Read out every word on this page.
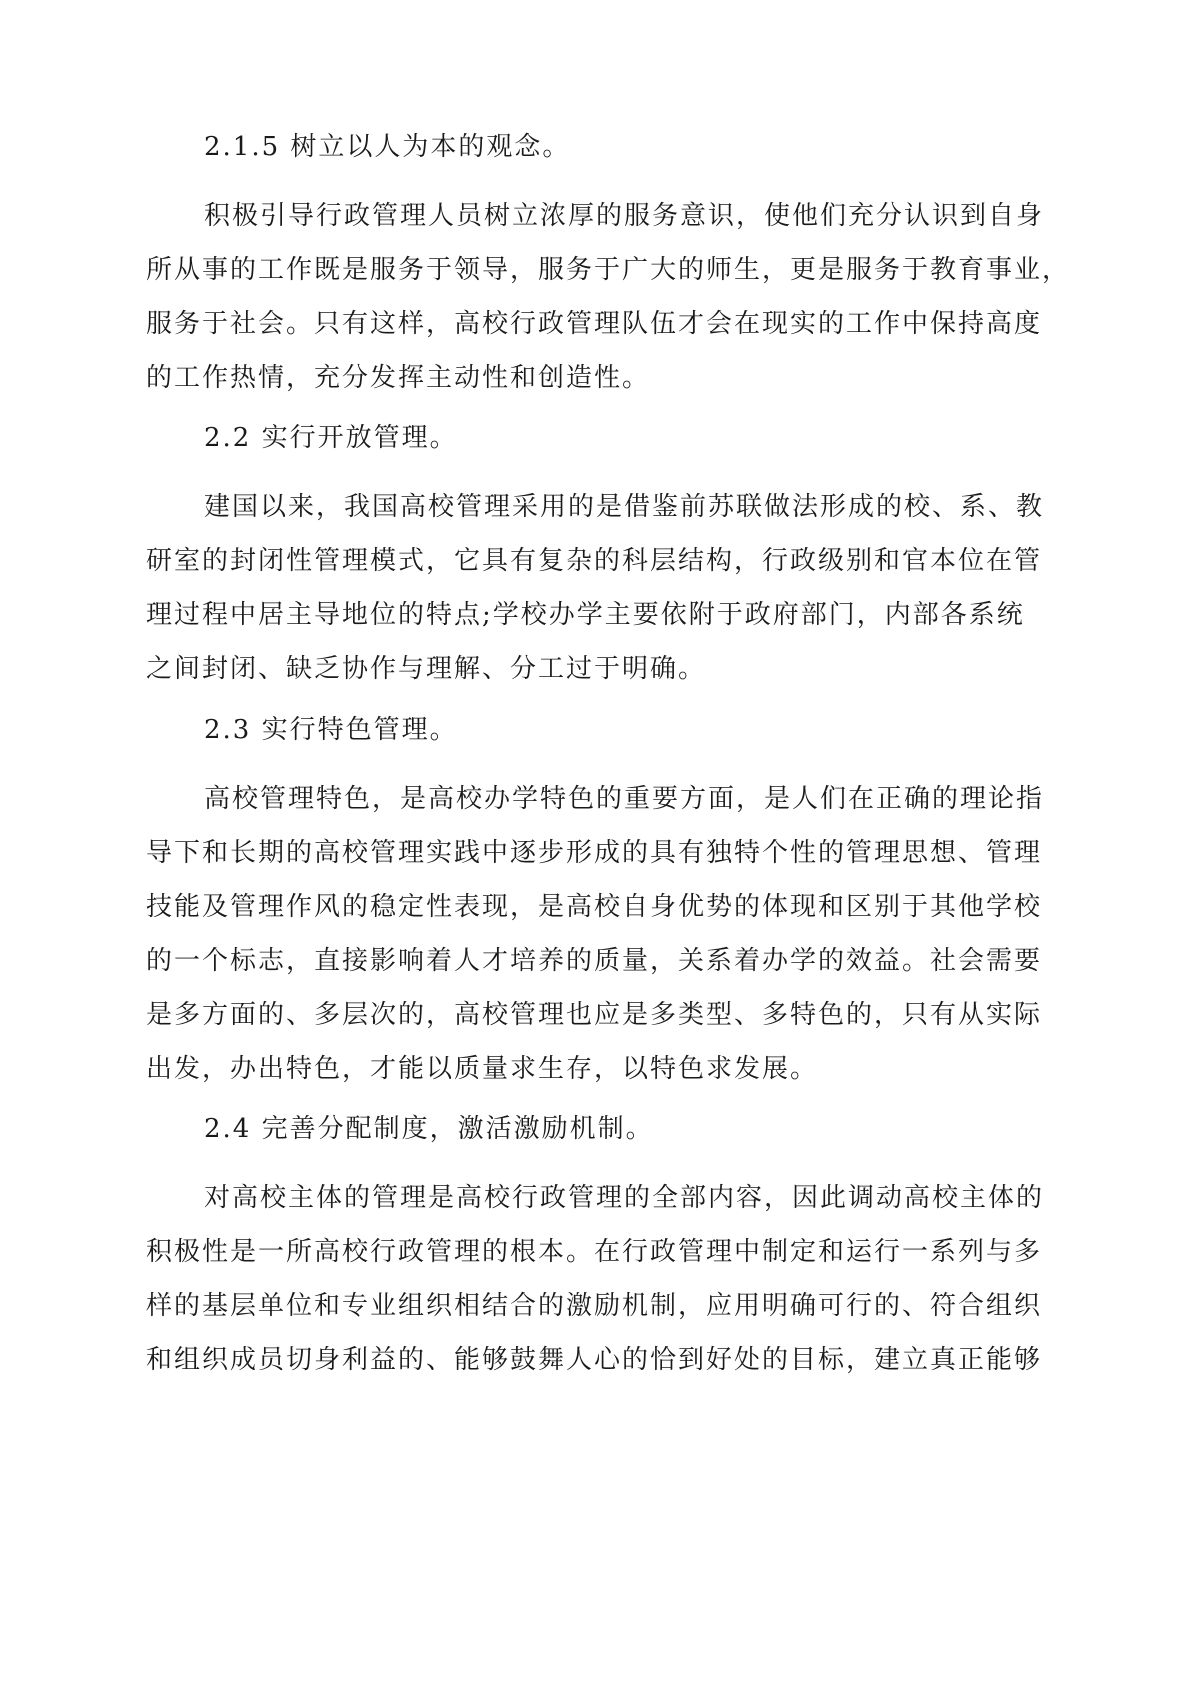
2.1.5 树立以人为本的观念。

积极引导行政管理人员树立浓厚的服务意识，使他们充分认识到自身
所从事的工作既是服务于领导，服务于广大的师生，更是服务于教育事业，
服务于社会。只有这样，高校行政管理队伍才会在现实的工作中保持高度
的工作热情，充分发挥主动性和创造性。

2.2 实行开放管理。

建国以来，我国高校管理采用的是借鉴前苏联做法形成的校、系、教
研室的封闭性管理模式，它具有复杂的科层结构，行政级别和官本位在管
理过程中居主导地位的特点;学校办学主要依附于政府部门，内部各系统
之间封闭、缺乏协作与理解、分工过于明确。

2.3 实行特色管理。

高校管理特色，是高校办学特色的重要方面，是人们在正确的理论指
导下和长期的高校管理实践中逐步形成的具有独特个性的管理思想、管理
技能及管理作风的稳定性表现，是高校自身优势的体现和区别于其他学校
的一个标志，直接影响着人才培养的质量，关系着办学的效益。社会需要
是多方面的、多层次的，高校管理也应是多类型、多特色的，只有从实际
出发，办出特色，才能以质量求生存，以特色求发展。

2.4 完善分配制度，激活激励机制。

对高校主体的管理是高校行政管理的全部内容，因此调动高校主体的
积极性是一所高校行政管理的根本。在行政管理中制定和运行一系列与多
样的基层单位和专业组织相结合的激励机制，应用明确可行的、符合组织
和组织成员切身利益的、能够鼓舞人心的恰到好处的目标，建立真正能够
